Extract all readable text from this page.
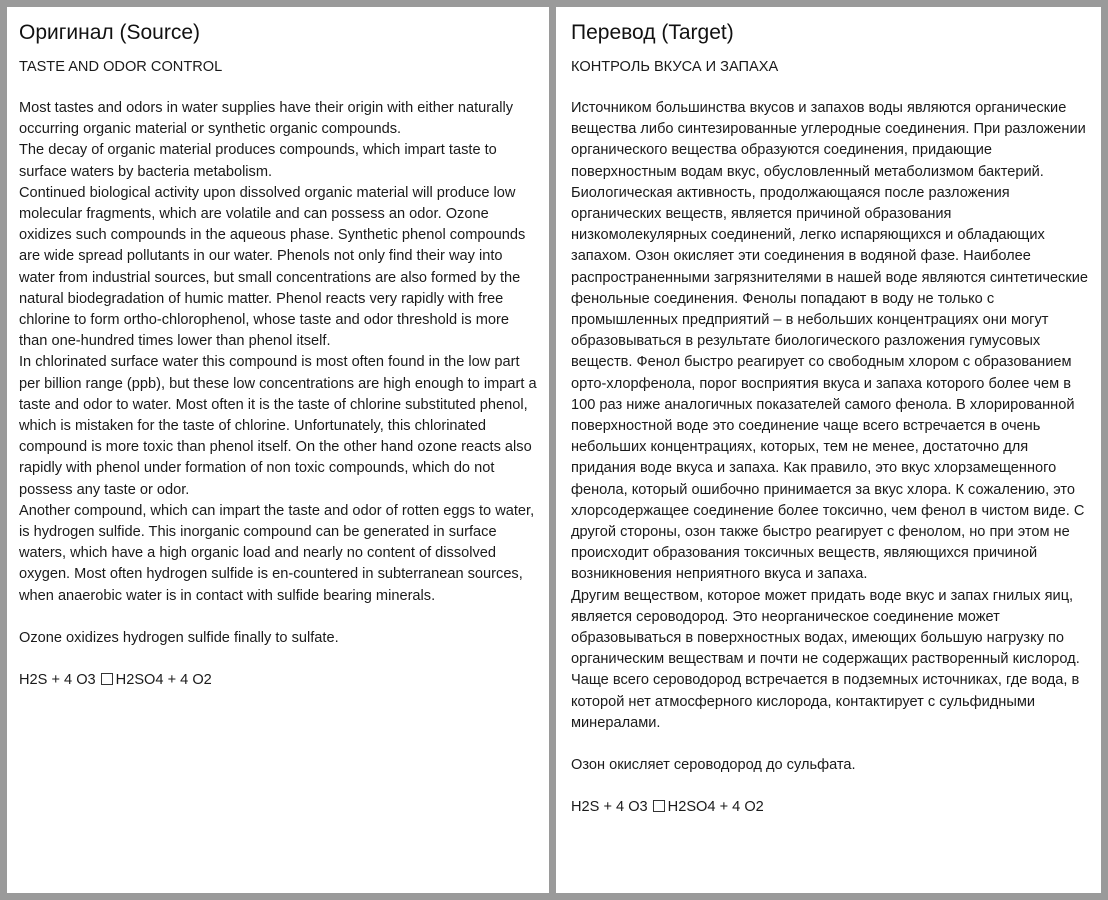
Оригинал (Source)
TASTE AND ODOR CONTROL

Most tastes and odors in water supplies have their origin with either naturally occurring organic material or synthetic organic compounds.

The decay of organic material produces compounds, which impart taste to surface waters by bacteria metabolism.

Continued biological activity upon dissolved organic material will produce low molecular fragments, which are volatile and can possess an odor. Ozone oxidizes such compounds in the aqueous phase. Synthetic phenol compounds are wide spread pollutants in our water. Phenols not only find their way into water from industrial sources, but small concentrations are also formed by the natural biodegradation of humic matter. Phenol reacts very rapidly with free chlorine to form ortho-chlorophenol, whose taste and odor threshold is more than one-hundred times lower than phenol itself.

In chlorinated surface water this compound is most often found in the low part per billion range (ppb), but these low concentrations are high enough to impart a taste and odor to water. Most often it is the taste of chlorine substituted phenol, which is mistaken for the taste of chlorine. Unfortunately, this chlorinated compound is more toxic than phenol itself. On the other hand ozone reacts also rapidly with phenol under formation of non toxic compounds, which do not possess any taste or odor.

Another compound, which can impart the taste and odor of rotten eggs to water, is hydrogen sulfide. This inorganic compound can be generated in surface waters, which have a high organic load and nearly no content of dissolved oxygen. Most often hydrogen sulfide is en-countered in subterranean sources, when anaerobic water is in contact with sulfide bearing minerals.

Ozone oxidizes hydrogen sulfide finally to sulfate.

H2S + 4 O3 H2SO4 + 4 O2

Перевод (Target)
КОНТРОЛЬ ВКУСА И ЗАПАХА

Источником большинства вкусов и запахов воды являются органические вещества либо синтезированные углеродные соединения. При разложении органического вещества образуются соединения, придающие поверхностным водам вкус, обусловленный метаболизмом бактерий.

Биологическая активность, продолжающаяся после разложения органических веществ, является причиной образования низкомолекулярных соединений, легко испаряющихся и обладающих запахом. Озон окисляет эти соединения в водяной фазе. Наиболее распространенными загрязнителями в нашей воде являются синтетические фенольные соединения. Фенолы попадают в воду не только с промышленных предприятий – в небольших концентрациях они могут образовываться в результате биологического разложения гумусовых веществ. Фенол быстро реагирует со свободным хлором с образованием орто-хлорфенола, порог восприятия вкуса и запаха которого более чем в 100 раз ниже аналогичных показателей самого фенола. В хлорированной поверхностной воде это соединение чаще всего встречается в очень небольших концентрациях, которых, тем не менее, достаточно для придания воде вкуса и запаха. Как правило, это вкус хлорзамещенного фенола, который ошибочно принимается за вкус хлора. К сожалению, это хлорсодержащее соединение более токсично, чем фенол в чистом виде. С другой стороны, озон также быстро реагирует с фенолом, но при этом не происходит образования токсичных веществ, являющихся причиной возникновения неприятного вкуса и запаха.

Другим веществом, которое может придать воде вкус и запах гнилых яиц, является сероводород. Это неорганическое соединение может образовываться в поверхностных водах, имеющих большую нагрузку по органическим веществам и почти не содержащих растворенный кислород. Чаще всего сероводород встречается в подземных источниках, где вода, в которой нет атмосферного кислорода, контактирует с сульфидными минералами.

Озон окисляет сероводород до сульфата.

H2S + 4 O3 H2SO4 + 4 O2
